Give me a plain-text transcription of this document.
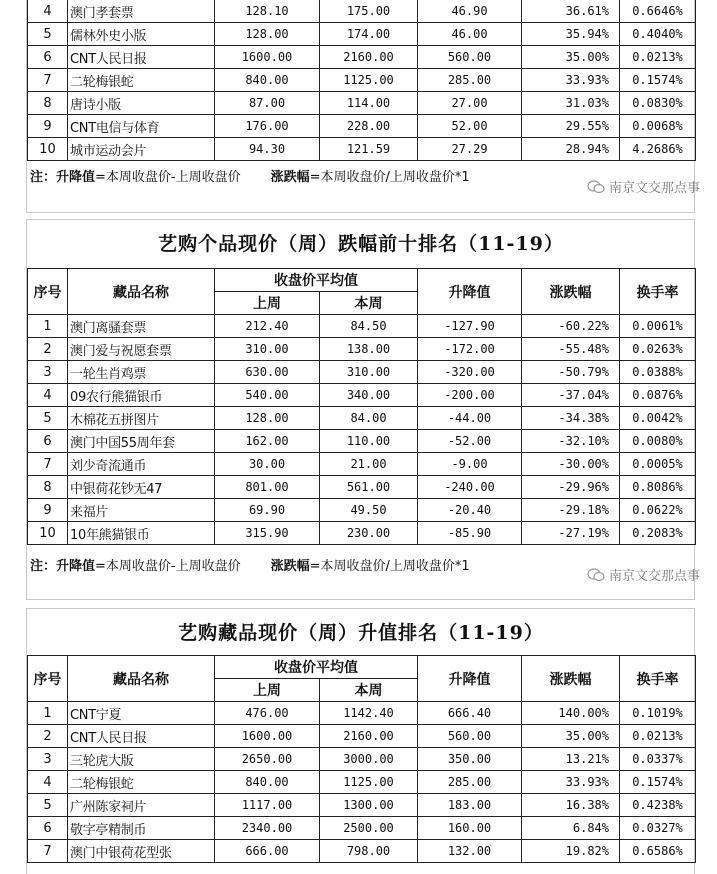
4	澳门孝套票	128.10	175.00	46.90	36.61%	0.6646%
5	儒林外史小版	128.00	174.00	46.00	35.94%	0.4040%
6	CNT人民日报	1600.00	2160.00	560.00	35.00%	0.0213%
7	二轮梅银蛇	840.00	1125.00	285.00	33.93%	0.1574%
8	唐诗小版	87.00	114.00	27.00	31.03%	0.0830%
9	CNT电信与体育	176.00	228.00	52.00	29.55%	0.0068%
10	城市运动会片	94.30	121.59	27.29	28.94%	4.2686%
注：升降值=本周收盘价-上周收盘价 涨跌幅=本周收盘价/上周收盘价*1
南京文交那点事
艺购个品现价（周）跌幅前十排名（11-19）
序号	藏品名称	收盘价平均值		升降值	涨跌幅	换手率
		上周	本周			
1	澳门离骚套票	212.40	84.50	-127.90	-60.22%	0.0061%
2	澳门爱与祝愿套票	310.00	138.00	-172.00	-55.48%	0.0263%
3	一轮生肖鸡票	630.00	310.00	-320.00	-50.79%	0.0388%
4	09农行熊猫银币	540.00	340.00	-200.00	-37.04%	0.0876%
5	木棉花五拼图片	128.00	84.00	-44.00	-34.38%	0.0042%
6	澳门中国55周年套	162.00	110.00	-52.00	-32.10%	0.0080%
7	刘少奇流通币	30.00	21.00	-9.00	-30.00%	0.0005%
8	中银荷花钞无47	801.00	561.00	-240.00	-29.96%	0.8086%
9	来福片	69.90	49.50	-20.40	-29.18%	0.0622%
10	10年熊猫银币	315.90	230.00	-85.90	-27.19%	0.2083%
注：升降值=本周收盘价-上周收盘价 涨跌幅=本周收盘价/上周收盘价*1
南京文交那点事
艺购藏品现价（周）升值排名（11-19）
序号	藏品名称	收盘价平均值		升降值	涨跌幅	换手率
		上周	本周			
1	CNT宁夏	476.00	1142.40	666.40	140.00%	0.1019%
2	CNT人民日报	1600.00	2160.00	560.00	35.00%	0.0213%
3	三轮虎大版	2650.00	3000.00	350.00	13.21%	0.0337%
4	二轮梅银蛇	840.00	1125.00	285.00	33.93%	0.1574%
5	广州陈家祠片	1117.00	1300.00	183.00	16.38%	0.4238%
6	敬字亭精制币	2340.00	2500.00	160.00	6.84%	0.0327%
7	澳门中银荷花型张	666.00	798.00	132.00	19.82%	0.6586%
